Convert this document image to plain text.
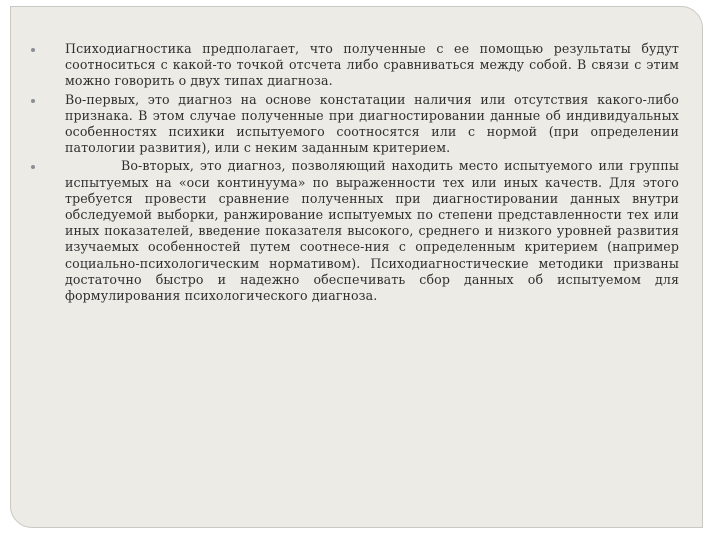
Психодиагностика предполагает, что полученные с ее помощью результаты будут соотноситься с какой-то точкой отсчета либо сравниваться между собой. В связи с этим можно говорить о двух типах диагноза.
Во-первых, это диагноз на основе констатации наличия или отсутствия какого-либо признака. В этом случае полученные при диагностировании данные об индивидуальных особенностях психики испытуемого соотносятся или с нормой (при определении патологии развития), или с неким заданным критерием.
Во-вторых, это диагноз, позволяющий находить место испытуемого или группы испытуемых на «оси континуума» по выраженности тех или иных качеств. Для этого требуется провести сравнение полученных при диагностировании данных внутри обследуемой выборки, ранжирование испытуемых по степени представленности тех или иных показателей, введение показателя высокого, среднего и низкого уровней развития изучаемых особенностей путем соотнесе-ния с определенным критерием (например социально-психологическим нормативом). Психодиагностические методики призваны достаточно быстро и надежно обеспечивать сбор данных об испытуемом для формулирования психологического диагноза.
